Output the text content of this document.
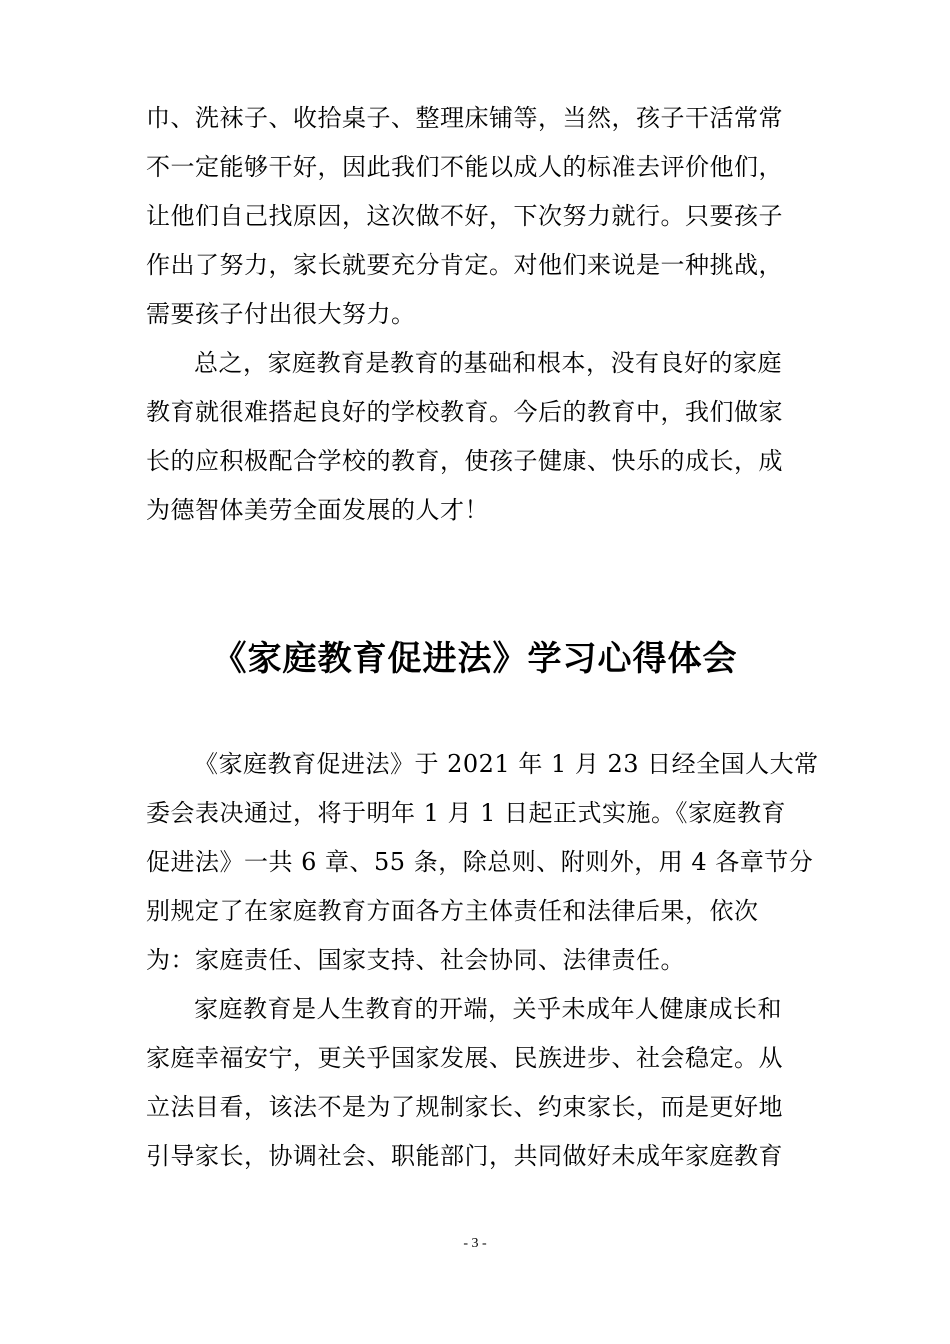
巾、洗袜子、收拾桌子、整理床铺等，当然，孩子干活常常
不一定能够干好，因此我们不能以成人的标准去评价他们，
让他们自己找原因，这次做不好，下次努力就行。只要孩子
作出了努力，家长就要充分肯定。对他们来说是一种挑战，
需要孩子付出很大努力。
总之，家庭教育是教育的基础和根本，没有良好的家庭
教育就很难搭起良好的学校教育。今后的教育中，我们做家
长的应积极配合学校的教育，使孩子健康、快乐的成长，成
为德智体美劳全面发展的人才！
《家庭教育促进法》学习心得体会
《家庭教育促进法》于 2021 年 1 月 23 日经全国人大常
委会表决通过，将于明年 1 月 1 日起正式实施。《家庭教育
促进法》一共 6 章、55 条，除总则、附则外，用 4 各章节分
别规定了在家庭教育方面各方主体责任和法律后果，依次
为：家庭责任、国家支持、社会协同、法律责任。
家庭教育是人生教育的开端，关乎未成年人健康成长和
家庭幸福安宁，更关乎国家发展、民族进步、社会稳定。从
立法目看，该法不是为了规制家长、约束家长，而是更好地
引导家长，协调社会、职能部门，共同做好未成年家庭教育
- 3 -
